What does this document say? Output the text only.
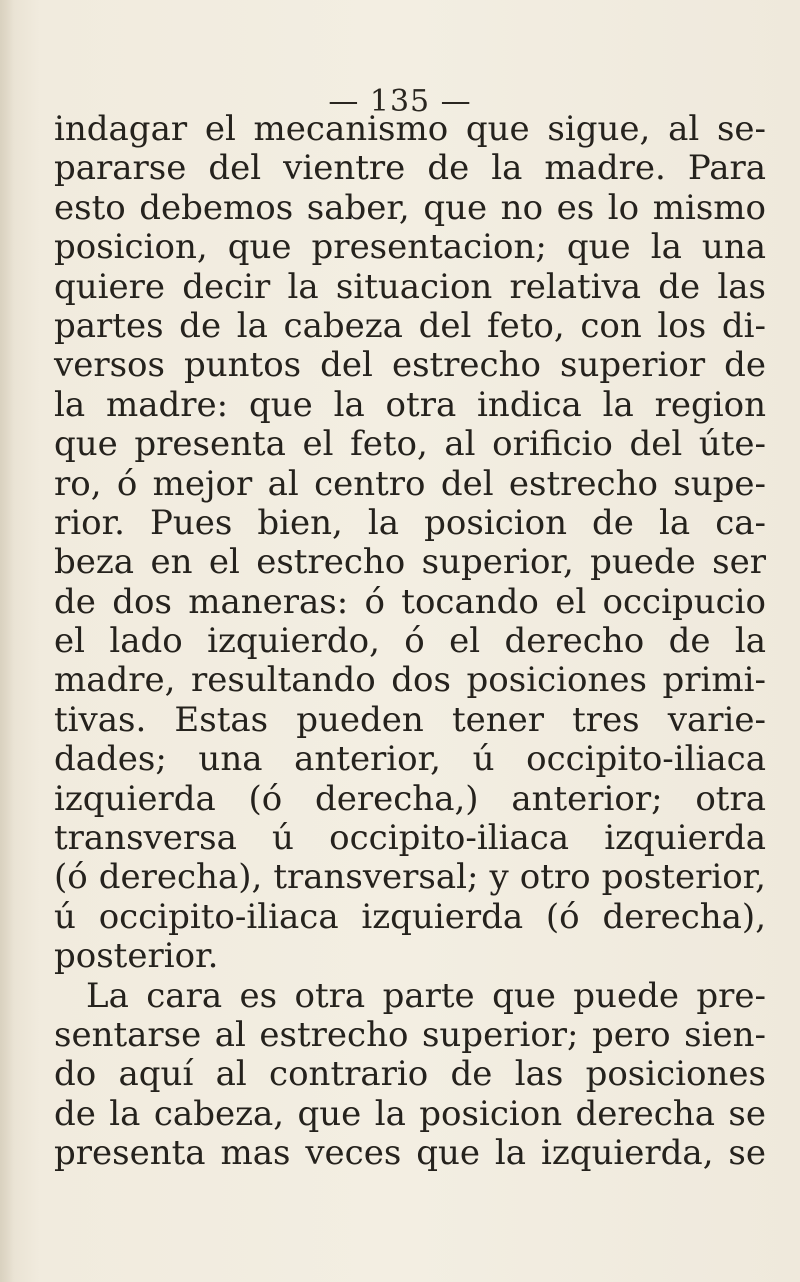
— 135 —
indagar el mecanismo que sigue, al se-
pararse del vientre de la madre. Para
esto debemos saber, que no es lo mismo
posicion, que presentacion; que la una
quiere decir la situacion relativa de las
partes de la cabeza del feto, con los di-
versos puntos del estrecho superior de
la madre: que la otra indica la region
que presenta el feto, al orificio del úte-
ro, ó mejor al centro del estrecho supe-
rior. Pues bien, la posicion de la ca-
beza en el estrecho superior, puede ser
de dos maneras: ó tocando el occipucio
el lado izquierdo, ó el derecho de la
madre, resultando dos posiciones primi-
tivas. Estas pueden tener tres varie-
dades; una anterior, ú occipito-iliaca
izquierda (ó derecha,) anterior; otra
transversa ú occipito-iliaca izquierda
(ó derecha), transversal; y otro posterior,
ú occipito-iliaca izquierda (ó derecha),
posterior.
La cara es otra parte que puede pre-
sentarse al estrecho superior; pero sien-
do aquí al contrario de las posiciones
de la cabeza, que la posicion derecha se
presenta mas veces que la izquierda, se
